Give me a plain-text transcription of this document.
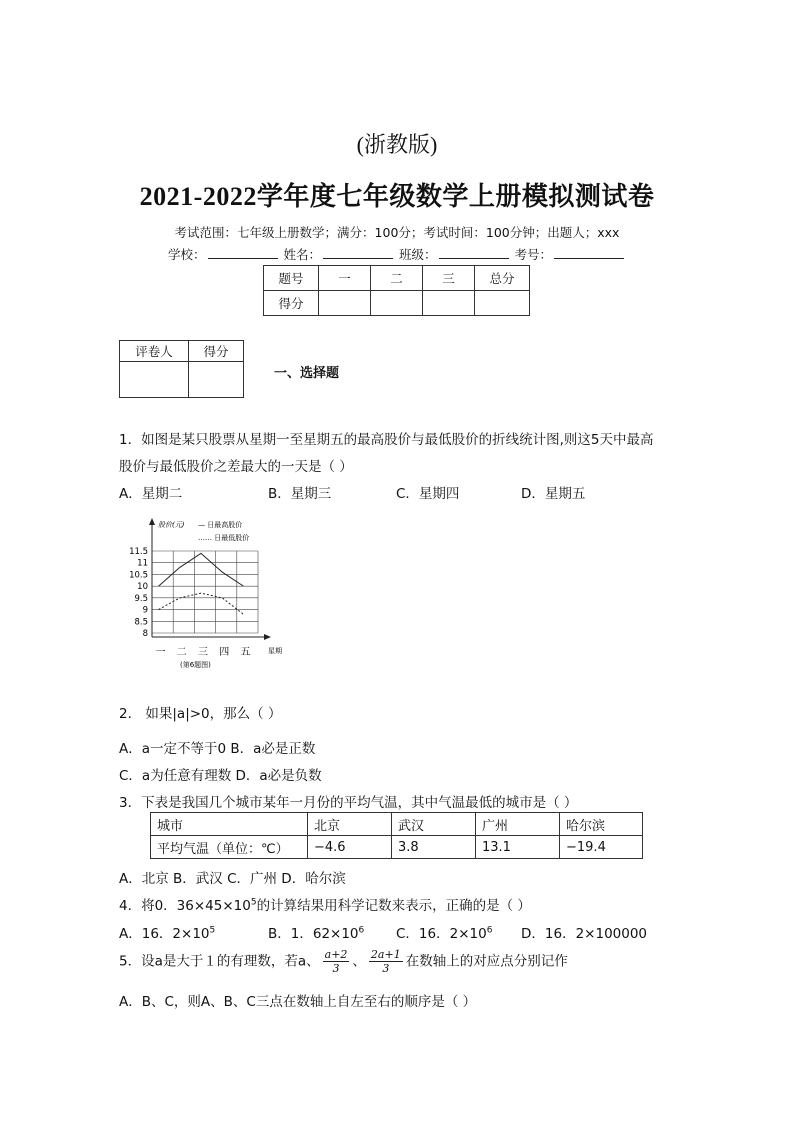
(浙教版)
2021-2022学年度七年级数学上册模拟测试卷
考试范围：七年级上册数学；满分：100分；考试时间：100分钟；出题人；xxx
学校：	姓名：	班级：	考号：
题号	一	二	三	总分
得分				
评卷人	得分

一、选择题
1．如图是某只股票从星期一至星期五的最高股价与最低股价的折线统计图,则这5天中最高
股价与最低股价之差最大的一天是（ ）
A．星期二	B．星期三	C．星期四	D．星期五
股价(元) — 日最高股价
…… 日最低股价
星期
(第6题图)
11.5
11
10.5
10
9.5
9
8.5
8
一 二 三 四 五
2． 如果|a|>0，那么（ ）
A．a一定不等于0 B．a必是正数
C．a为任意有理数 D．a必是负数
3．下表是我国几个城市某年一月份的平均气温，其中气温最低的城市是（ ）
城市	北京	武汉	广州	哈尔滨
平均气温（单位：℃）	−4.6	3.8	13.1	−19.4
A．北京 B．武汉 C．广州 D．哈尔滨
4．将0．$36\times 45\times 10^5$的计算结果用科学记数来表示，正确的是（ ）
A．16．$2\times 10^5$	B．1．$62\times 10^6$ C．16．$2\times 10^6$ D．16．2×100000
5．设a是大于１的有理数，若a、 $\frac{a+2}{3}$ 、 $\frac{2a+1}{3}$ 在数轴上的对应点分别记作
A．B、C，则A、B、C三点在数轴上自左至右的顺序是（ ）
